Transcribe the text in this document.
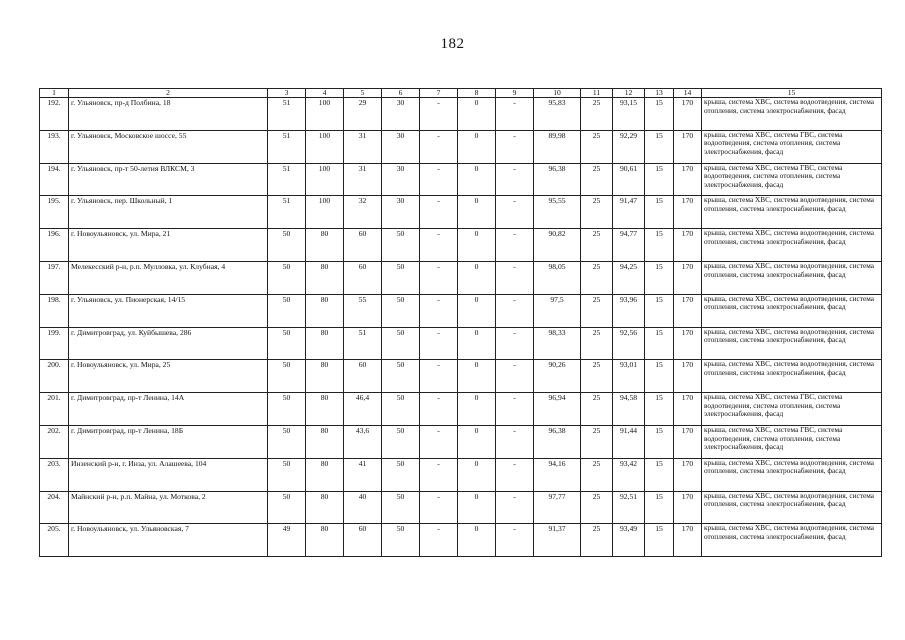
182
1	2	3	4	5	6	7	8	9	10	11	12	13	14	15
192.	г. Ульяновск, пр-д Полбина, 18	51	100	29	30	-	0	-	95,83	25	93,15	15	170	крыша, система ХВС, система водоотведения, система отопления, система электроснабжения, фасад
193.	г. Ульяновск, Московское шоссе, 55	51	100	31	30	-	0	-	89,98	25	92,29	15	170	крыша, система ХВС, система ГВС, система водоотведения, система отопления, система электроснабжения, фасад
194.	г. Ульяновск, пр-т 50-летия ВЛКСМ, 3	51	100	31	30	-	0	-	96,38	25	90,61	15	170	крыша, система ХВС, система ГВС, система водоотведения, система отопления, система электроснабжения, фасад
195.	г. Ульяновск, пер. Школьный, 1	51	100	32	30	-	0	-	95,55	25	91,47	15	170	крыша, система ХВС, система водоотведения, система отопления, система электроснабжения, фасад
196.	г. Новоульяновск, ул. Мира, 21	50	80	60	50	-	0	-	90,82	25	94,77	15	170	крыша, система ХВС, система водоотведения, система отопления, система электроснабжения, фасад
197.	Мелекесский р-н, р.п. Мулловка, ул. Клубная, 4	50	80	60	50	-	0	-	98,05	25	94,25	15	170	крыша, система ХВС, система водоотведения, система отопления, система электроснабжения, фасад
198.	г. Ульяновск, ул. Пионерская, 14/15	50	80	55	50	-	0	-	97,5	25	93,96	15	170	крыша, система ХВС, система водоотведения, система отопления, система электроснабжения, фасад
199.	г. Димитровград, ул. Куйбышева, 286	50	80	51	50	-	0	-	98,33	25	92,56	15	170	крыша, система ХВС, система водоотведения, система отопления, система электроснабжения, фасад
200.	г. Новоульяновск, ул. Мира, 25	50	80	60	50	-	0	-	90,26	25	93,01	15	170	крыша, система ХВС, система водоотведения, система отопления, система электроснабжения, фасад
201.	г. Димитровград, пр-т Ленина, 14А	50	80	46,4	50	-	0	-	96,94	25	94,58	15	170	крыша, система ХВС, система ГВС, система водоотведения, система отопления, система электроснабжения, фасад
202.	г. Димитровград, пр-т Ленина, 18Б	50	80	43,6	50	-	0	-	96,38	25	91,44	15	170	крыша, система ХВС, система ГВС, система водоотведения, система отопления, система электроснабжения, фасад
203.	Инзенский р-н, г. Инза, ул. Алашеева, 104	50	80	41	50	-	0	-	94,16	25	93,42	15	170	крыша, система ХВС, система водоотведения, система отопления, система электроснабжения, фасад
204.	Майнский р-н, р.п. Майна, ул. Моткова, 2	50	80	40	50	-	0	-	97,77	25	92,51	15	170	крыша, система ХВС, система водоотведения, система отопления, система электроснабжения, фасад
205.	г. Новоульяновск, ул. Ульяновская, 7	49	80	60	50	-	0	-	91,37	25	93,49	15	170	крыша, система ХВС, система водоотведения, система отопления, система электроснабжения, фасад
